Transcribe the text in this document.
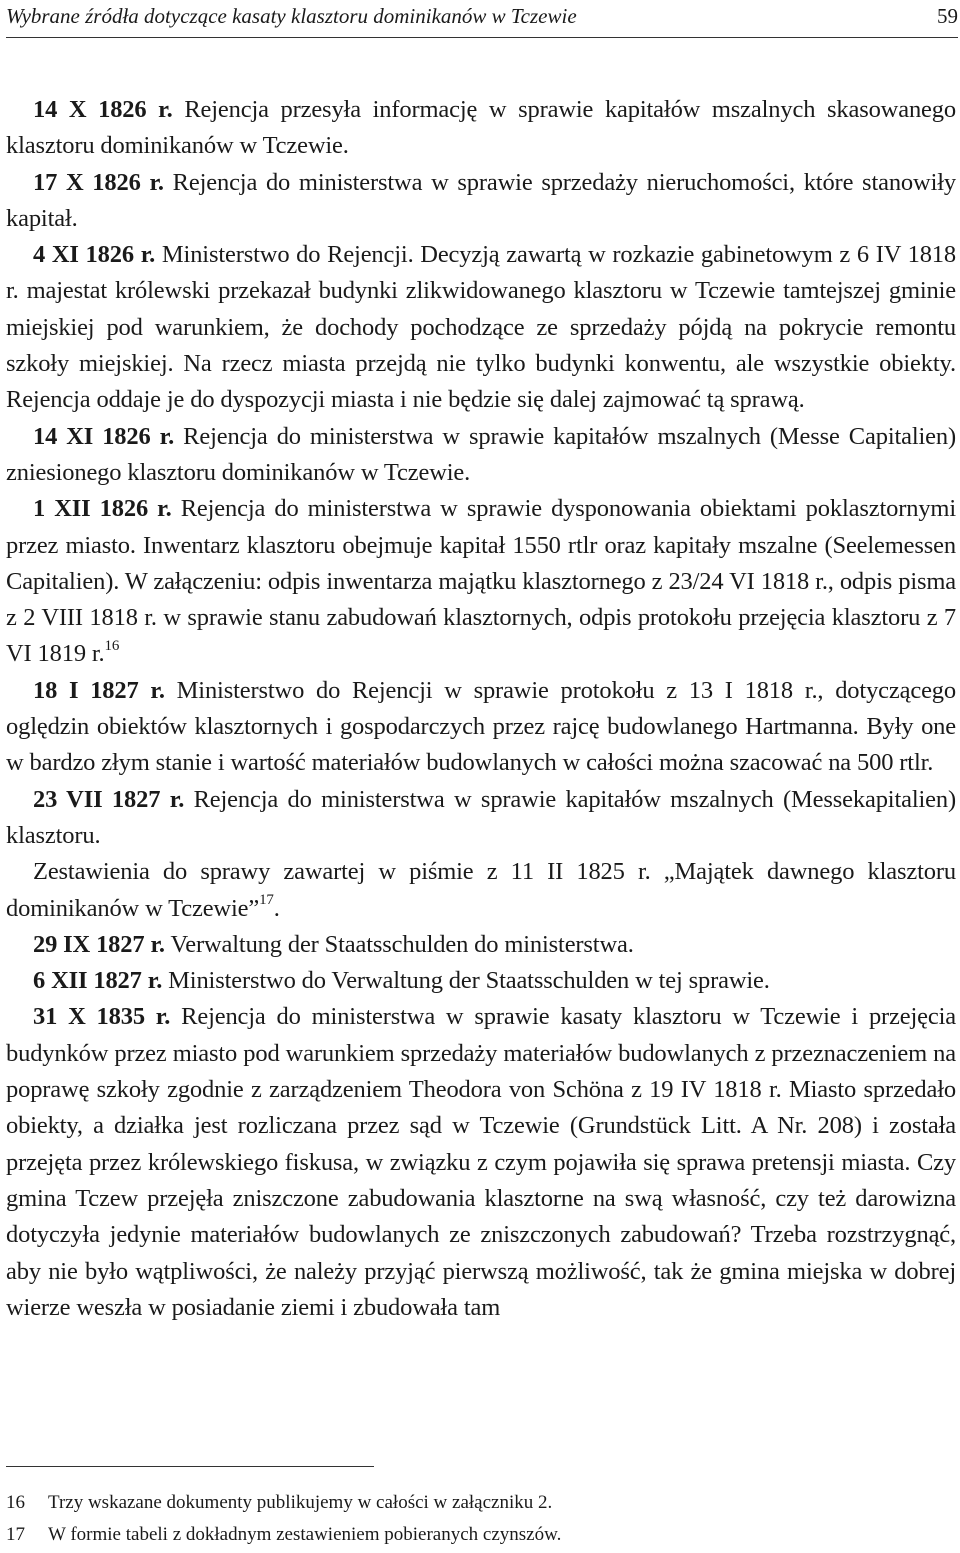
Wybrane źródła dotyczące kasaty klasztoru dominikanów w Tczewie	59

14 X 1826 r. Rejencja przesyła informację w sprawie kapitałów mszalnych skasowanego klasztoru dominikanów w Tczewie.

17 X 1826 r. Rejencja do ministerstwa w sprawie sprzedaży nieruchomości, które stanowiły kapitał.

4 XI 1826 r. Ministerstwo do Rejencji. Decyzją zawartą w rozkazie gabinetowym z 6 IV 1818 r. majestat królewski przekazał budynki zlikwidowanego klasztoru w Tczewie tamtejszej gminie miejskiej pod warunkiem, że dochody pochodzące ze sprzedaży pójdą na pokrycie remontu szkoły miejskiej. Na rzecz miasta przejdą nie tylko budynki konwentu, ale wszystkie obiekty. Rejencja oddaje je do dyspozycji miasta i nie będzie się dalej zajmować tą sprawą.

14 XI 1826 r. Rejencja do ministerstwa w sprawie kapitałów mszalnych (Messe Capitalien) zniesionego klasztoru dominikanów w Tczewie.

1 XII 1826 r. Rejencja do ministerstwa w sprawie dysponowania obiektami poklasztornymi przez miasto. Inwentarz klasztoru obejmuje kapitał 1550 rtlr oraz kapitały mszalne (Seelemessen Capitalien). W załączeniu: odpis inwentarza majątku klasztornego z 23/24 VI 1818 r., odpis pisma z 2 VIII 1818 r. w sprawie stanu zabudowań klasztornych, odpis protokołu przejęcia klasztoru z 7 VI 1819 r.$^{16}$

18 I 1827 r. Ministerstwo do Rejencji w sprawie protokołu z 13 I 1818 r., dotyczącego oględzin obiektów klasztornych i gospodarczych przez rajcę budowlanego Hartmanna. Były one w bardzo złym stanie i wartość materiałów budowlanych w całości można szacować na 500 rtlr.

23 VII 1827 r. Rejencja do ministerstwa w sprawie kapitałów mszalnych (Messekapitalien) klasztoru.

Zestawienia do sprawy zawartej w piśmie z 11 II 1825 r. „Majątek dawnego klasztoru dominikanów w Tczewie”$^{17}$.

29 IX 1827 r. Verwaltung der Staatsschulden do ministerstwa.

6 XII 1827 r. Ministerstwo do Verwaltung der Staatsschulden w tej sprawie.

31 X 1835 r. Rejencja do ministerstwa w sprawie kasaty klasztoru w Tczewie i przejęcia budynków przez miasto pod warunkiem sprzedaży materiałów budowlanych z przeznaczeniem na poprawę szkoły zgodnie z zarządzeniem Theodora von Schöna z 19 IV 1818 r. Miasto sprzedało obiekty, a działka jest rozliczana przez sąd w Tczewie (Grundstück Litt. A Nr. 208) i została przejęta przez królewskiego fiskusa, w związku z czym pojawiła się sprawa pretensji miasta. Czy gmina Tczew przejęła zniszczone zabudowania klasztorne na swą własność, czy też darowizna dotyczyła jedynie materiałów budowlanych ze zniszczonych zabudowań? Trzeba rozstrzygnąć, aby nie było wątpliwości, że należy przyjąć pierwszą możliwość, tak że gmina miejska w dobrej wierze weszła w posiadanie ziemi i zbudowała tam

16	Trzy wskazane dokumenty publikujemy w całości w załączniku 2.
17	W formie tabeli z dokładnym zestawieniem pobieranych czynszów.
